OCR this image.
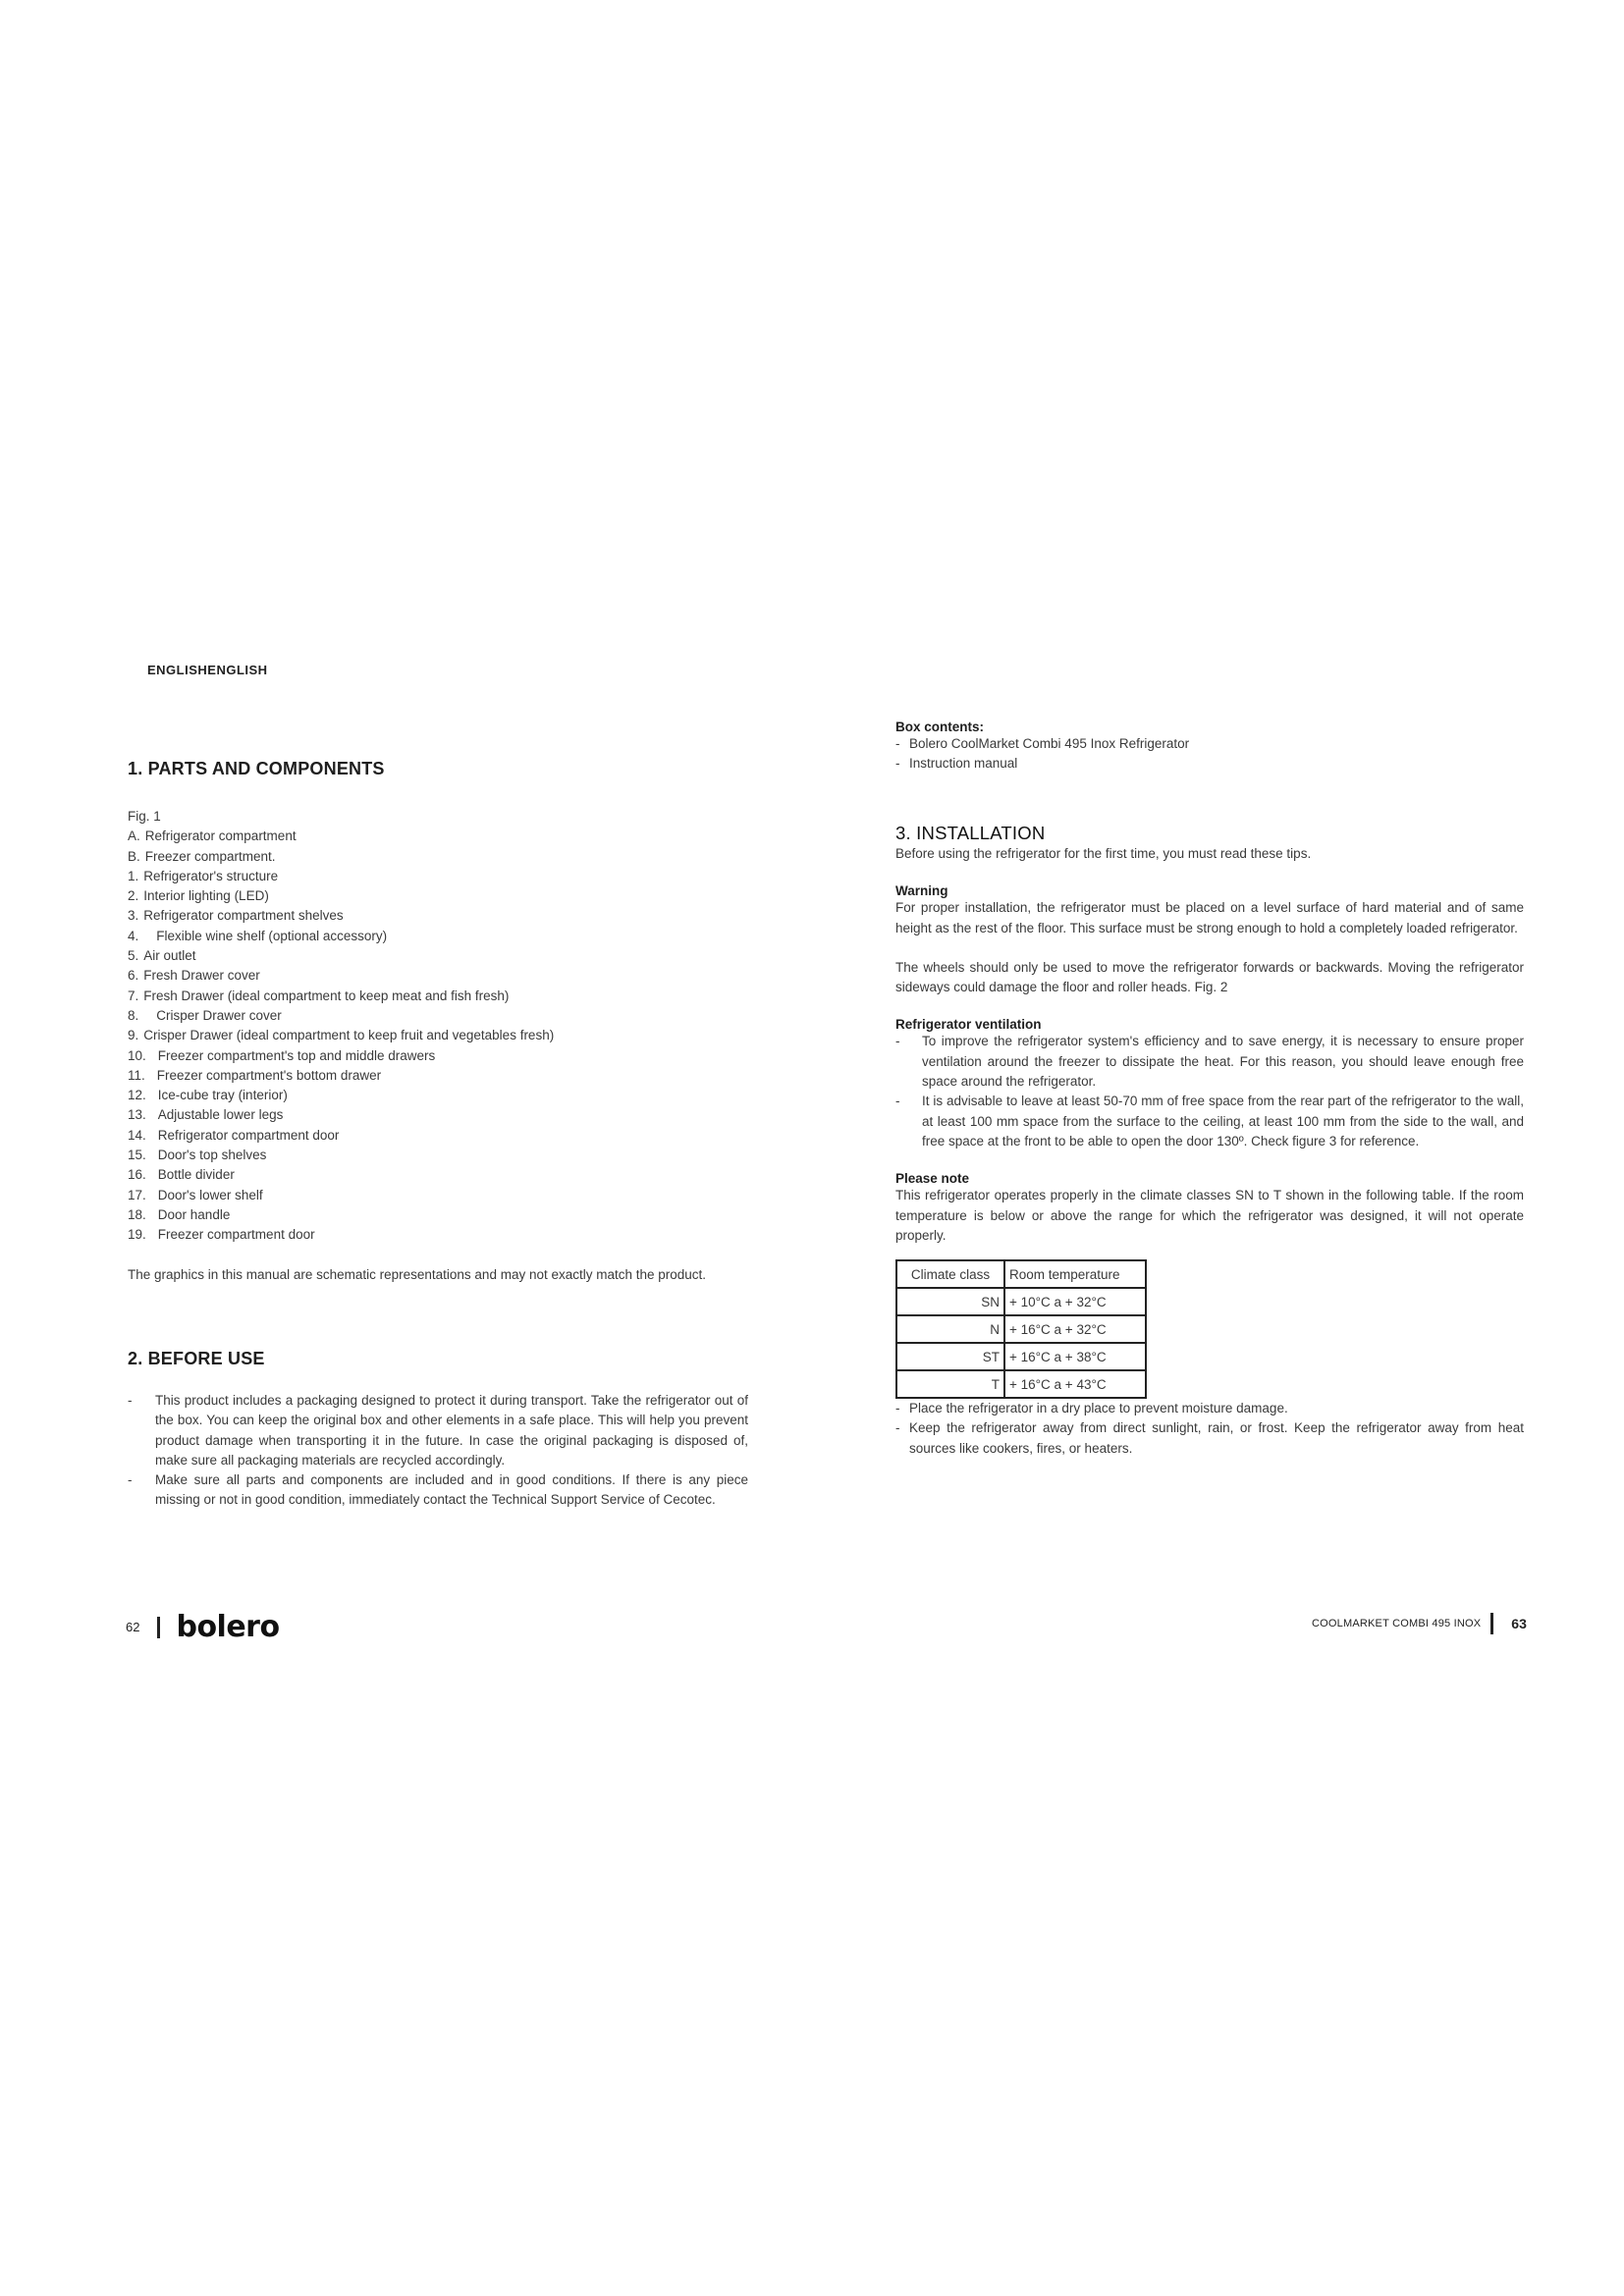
ENGLISHENGLISH
1. PARTS AND COMPONENTS
Fig. 1
A. Refrigerator compartment
B. Freezer compartment.
1. Refrigerator's structure
2. Interior lighting (LED)
3. Refrigerator compartment shelves
4. Flexible wine shelf (optional accessory)
5. Air outlet
6. Fresh Drawer cover
7. Fresh Drawer (ideal compartment to keep meat and fish fresh)
8. Crisper Drawer cover
9. Crisper Drawer (ideal compartment to keep fruit and vegetables fresh)
10. Freezer compartment's top and middle drawers
11. Freezer compartment's bottom drawer
12. Ice-cube tray (interior)
13. Adjustable lower legs
14. Refrigerator compartment door
15. Door's top shelves
16. Bottle divider
17. Door's lower shelf
18. Door handle
19. Freezer compartment door
The graphics in this manual are schematic representations and may not exactly match the product.
2. BEFORE USE
- This product includes a packaging designed to protect it during transport. Take the refrigerator out of the box. You can keep the original box and other elements in a safe place. This will help you prevent product damage when transporting it in the future. In case the original packaging is disposed of, make sure all packaging materials are recycled accordingly.
- Make sure all parts and components are included and in good conditions. If there is any piece missing or not in good condition, immediately contact the Technical Support Service of Cecotec.
Box contents:
- Bolero CoolMarket Combi 495 Inox Refrigerator
- Instruction manual
3. INSTALLATION
Before using the refrigerator for the first time, you must read these tips.
Warning
For proper installation, the refrigerator must be placed on a level surface of hard material and of same height as the rest of the floor. This surface must be strong enough to hold a completely loaded refrigerator.
The wheels should only be used to move the refrigerator forwards or backwards. Moving the refrigerator sideways could damage the floor and roller heads. Fig. 2
Refrigerator ventilation
- To improve the refrigerator system's efficiency and to save energy, it is necessary to ensure proper ventilation around the freezer to dissipate the heat. For this reason, you should leave enough free space around the refrigerator.
- It is advisable to leave at least 50-70 mm of free space from the rear part of the refrigerator to the wall, at least 100 mm space from the surface to the ceiling, at least 100 mm from the side to the wall, and free space at the front to be able to open the door 130º. Check figure 3 for reference.
Please note
This refrigerator operates properly in the climate classes SN to T shown in the following table. If the room temperature is below or above the range for which the refrigerator was designed, it will not operate properly.
Climate class	Room temperature
SN	+ 10°C a + 32°C
N	+ 16°C a + 32°C
ST	+ 16°C a + 38°C
T	+ 16°C a + 43°C
- Place the refrigerator in a dry place to prevent moisture damage.
- Keep the refrigerator away from direct sunlight, rain, or frost. Keep the refrigerator away from heat sources like cookers, fires, or heaters.
62 bolero	COOLMARKET COMBI 495 INOX 63
